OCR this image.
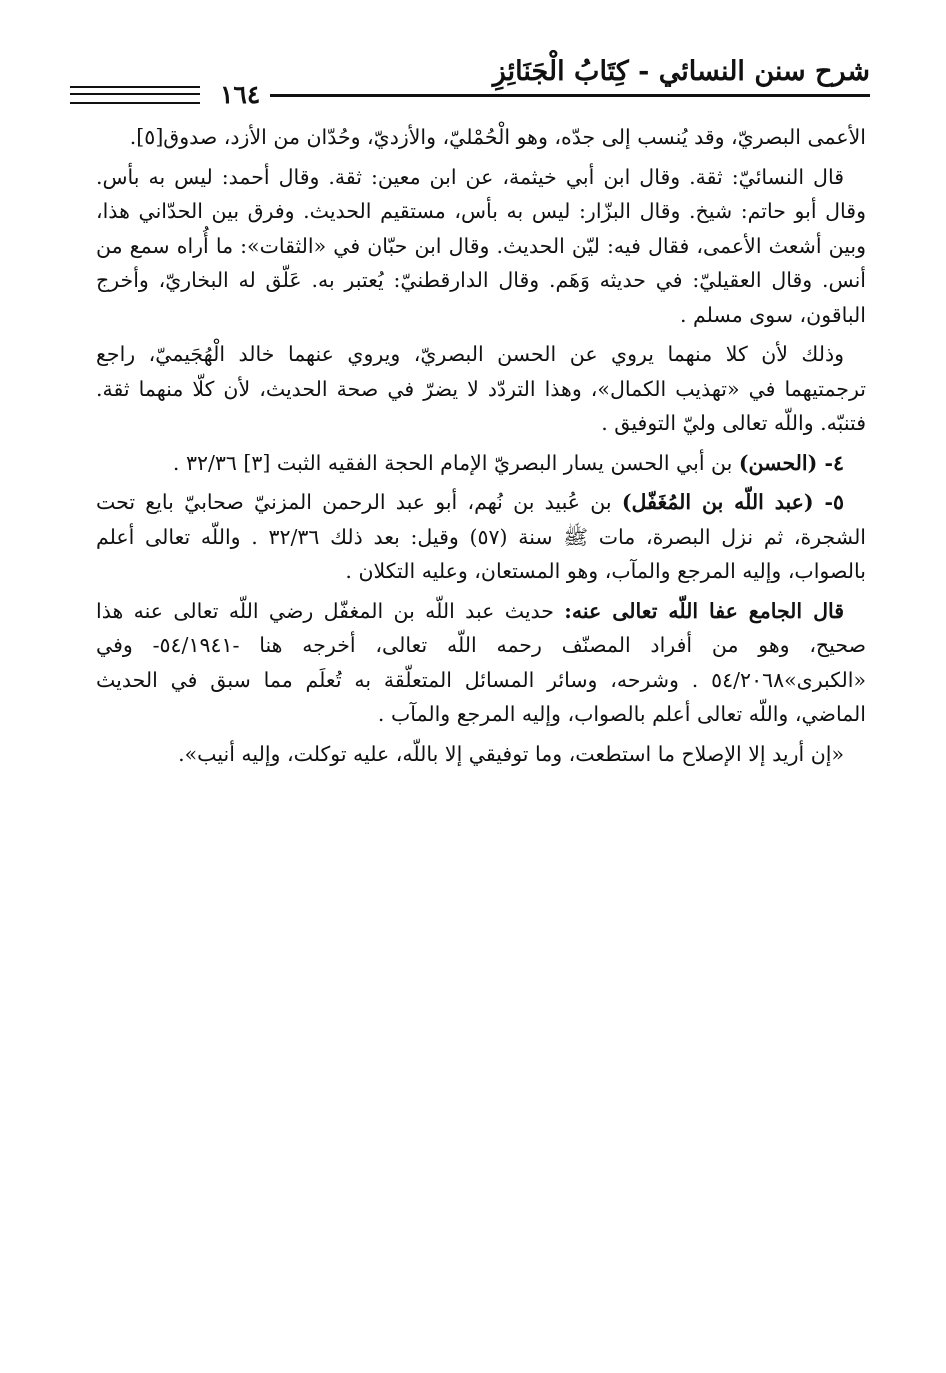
شرح سنن النسائي - كِتَابُ الْجَنَائِزِ
١٦٤

الأعمى البصريّ، وقد يُنسب إلى جدّه، وهو الْحُمْليّ، والأزديّ، وحُدّان من الأزد، صدوق[٥].

قال النسائيّ: ثقة. وقال ابن أبي خيثمة، عن ابن معين: ثقة. وقال أحمد: ليس به بأس. وقال أبو حاتم: شيخ. وقال البزّار: ليس به بأس، مستقيم الحديث. وفرق بين الحدّاني هذا، وبين أشعث الأعمى، فقال فيه: ليّن الحديث. وقال ابن حبّان في «الثقات»: ما أُراه سمع من أنس. وقال العقيليّ: في حديثه وَهَم. وقال الدارقطنيّ: يُعتبر به. عَلّق له البخاريّ، وأخرج الباقون، سوى مسلم .

وذلك لأن كلا منهما يروي عن الحسن البصريّ، ويروي عنهما خالد الْهُجَيميّ، راجع ترجمتيهما في «تهذيب الكمال»، وهذا التردّد لا يضرّ في صحة الحديث، لأن كلّا منهما ثقة. فتنبّه. واللّه تعالى وليّ التوفيق .

٤- (الحسن) بن أبي الحسن يسار البصريّ الإمام الحجة الفقيه الثبت [٣] ٣٢/٣٦ .

٥- (عبد اللّه بن المُغَفّل) بن عُبيد بن نُهم، أبو عبد الرحمن المزنيّ صحابيّ بايع تحت الشجرة، ثم نزل البصرة، مات ﷺ سنة (٥٧) وقيل: بعد ذلك ٣٢/٣٦ . واللّه تعالى أعلم بالصواب، وإليه المرجع والمآب، وهو المستعان، وعليه التكلان .

قال الجامع عفا اللّه تعالى عنه: حديث عبد اللّه بن المغفّل رضي اللّه تعالى عنه هذا صحيح، وهو من أفراد المصنّف رحمه اللّه تعالى، أخرجه هنا -٥٤/١٩٤١- وفي «الكبرى»٥٤/٢٠٦٨ . وشرحه، وسائر المسائل المتعلّقة به تُعلَم مما سبق في الحديث الماضي، واللّه تعالى أعلم بالصواب، وإليه المرجع والمآب .

«إن أريد إلا الإصلاح ما استطعت، وما توفيقي إلا باللّه، عليه توكلت، وإليه أنيب».
